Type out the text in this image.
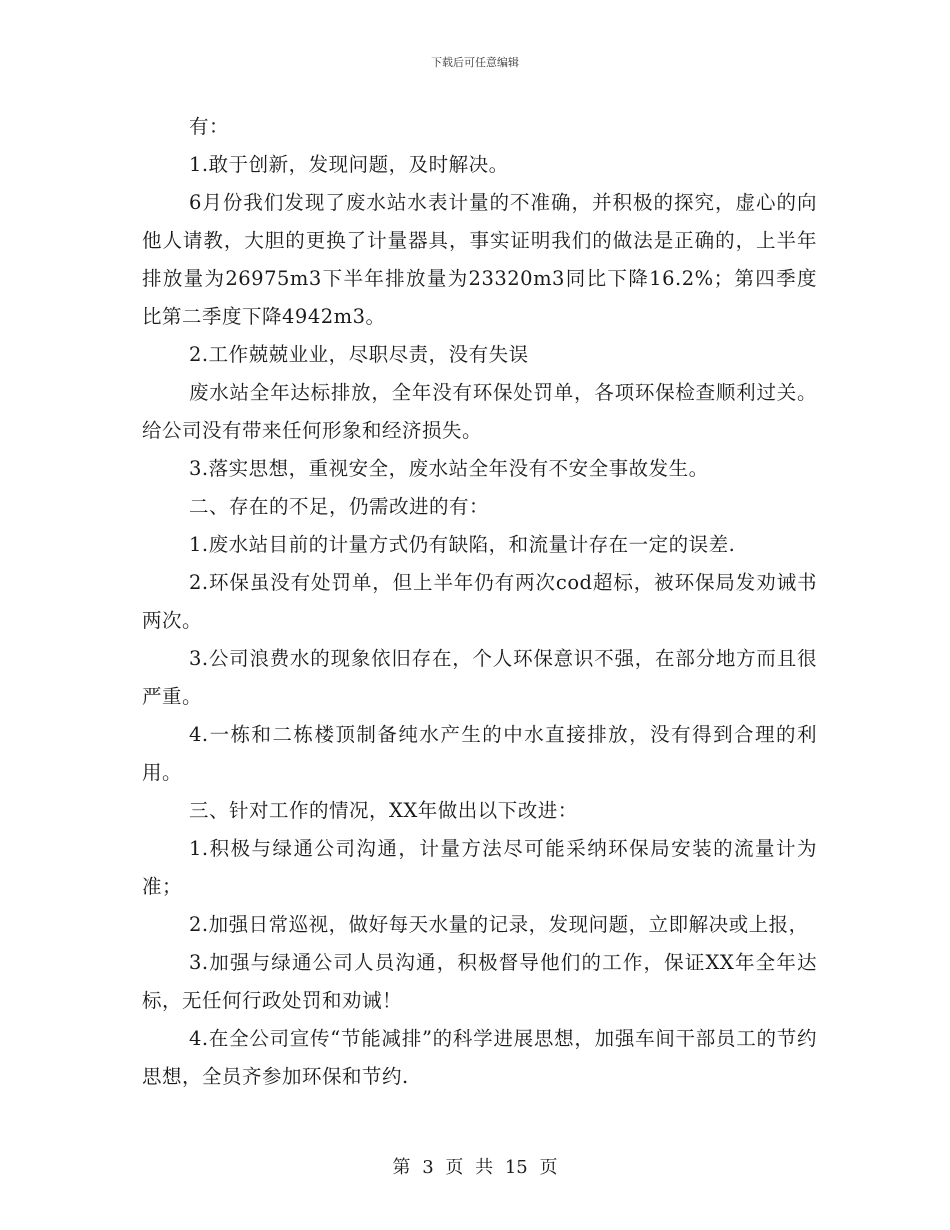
下载后可任意编辑

有：

1.敢于创新，发现问题，及时解决。

6月份我们发现了废水站水表计量的不准确，并积极的探究，虚心的向他人请教，大胆的更换了计量器具，事实证明我们的做法是正确的，上半年排放量为26975m3下半年排放量为23320m3同比下降16.2%；第四季度比第二季度下降4942m3。

2.工作兢兢业业，尽职尽责，没有失误

废水站全年达标排放，全年没有环保处罚单，各项环保检查顺利过关。给公司没有带来任何形象和经济损失。

3.落实思想，重视安全，废水站全年没有不安全事故发生。

二、存在的不足，仍需改进的有：

1.废水站目前的计量方式仍有缺陷，和流量计存在一定的误差.

2.环保虽没有处罚单，但上半年仍有两次cod超标，被环保局发劝诫书两次。

3.公司浪费水的现象依旧存在，个人环保意识不强，在部分地方而且很严重。

4.一栋和二栋楼顶制备纯水产生的中水直接排放，没有得到合理的利用。

三、针对工作的情况，XX年做出以下改进：

1.积极与绿通公司沟通，计量方法尽可能采纳环保局安装的流量计为准；

2.加强日常巡视，做好每天水量的记录，发现问题，立即解决或上报，

3.加强与绿通公司人员沟通，积极督导他们的工作，保证XX年全年达标，无任何行政处罚和劝诫！

4.在全公司宣传“节能减排”的科学进展思想，加强车间干部员工的节约思想，全员齐参加环保和节约.

第 3 页 共 15 页
